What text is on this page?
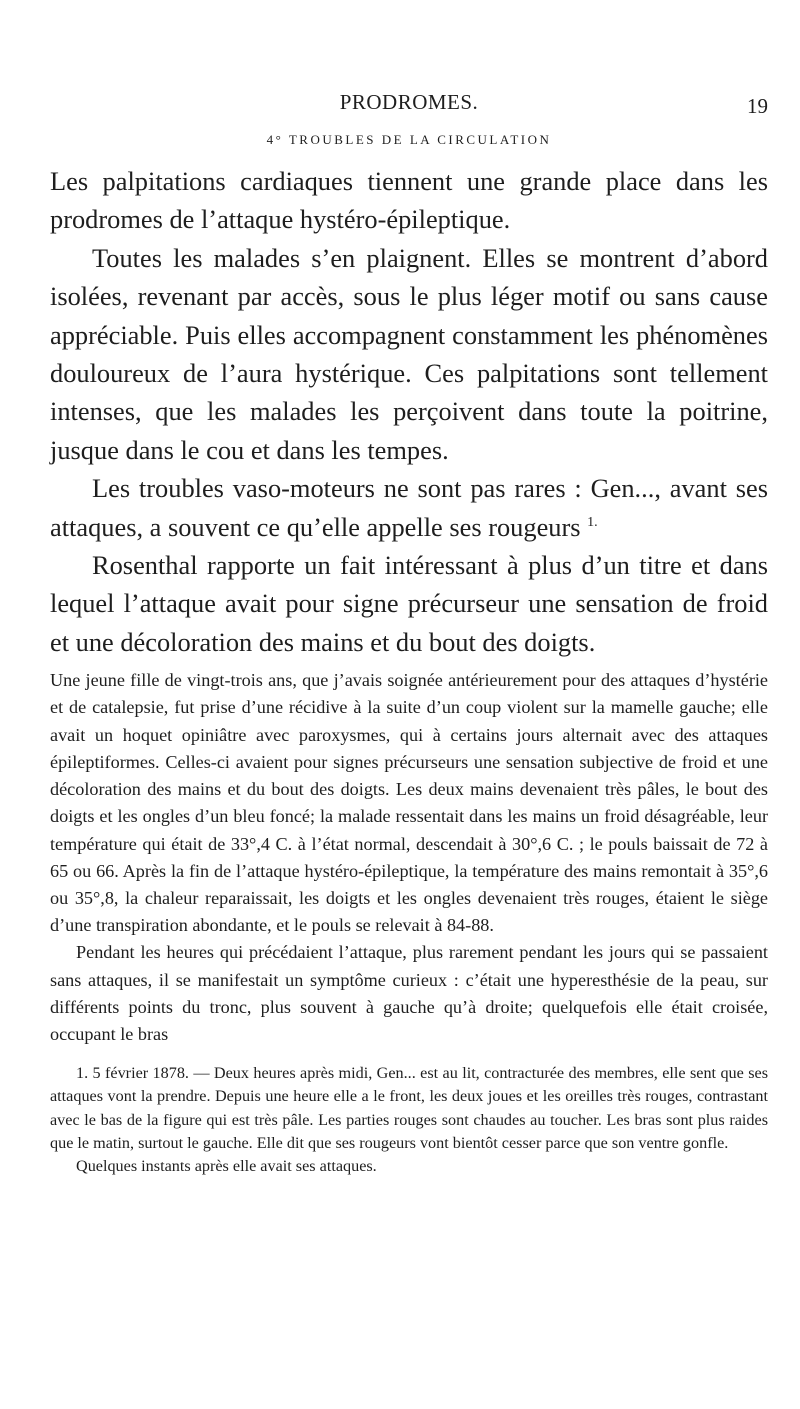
PRODROMES.	19
4° TROUBLES DE LA CIRCULATION

Les palpitations cardiaques tiennent une grande place dans les prodromes de l’attaque hystéro-épileptique.

Toutes les malades s’en plaignent. Elles se montrent d’abord isolées, revenant par accès, sous le plus léger motif ou sans cause appréciable. Puis elles accompagnent constamment les phénomènes douloureux de l’aura hystérique. Ces palpitations sont tellement intenses, que les malades les perçoivent dans toute la poitrine, jusque dans le cou et dans les tempes.

Les troubles vaso-moteurs ne sont pas rares : Gen..., avant ses attaques, a souvent ce qu’elle appelle ses rougeurs $^{1.}$

Rosenthal rapporte un fait intéressant à plus d’un titre et dans lequel l’attaque avait pour signe précurseur une sensation de froid et une décoloration des mains et du bout des doigts.

Une jeune fille de vingt-trois ans, que j’avais soignée antérieurement pour des attaques d’hystérie et de catalepsie, fut prise d’une récidive à la suite d’un coup violent sur la mamelle gauche; elle avait un hoquet opiniâtre avec paroxysmes, qui à certains jours alternait avec des attaques épileptiformes. Celles-ci avaient pour signes précurseurs une sensation subjective de froid et une décoloration des mains et du bout des doigts. Les deux mains devenaient très pâles, le bout des doigts et les ongles d’un bleu foncé; la malade ressentait dans les mains un froid désagréable, leur température qui était de 33°,4 C. à l’état normal, descendait à 30°,6 C. ; le pouls baissait de 72 à 65 ou 66. Après la fin de l’attaque hystéro-épileptique, la température des mains remontait à 35°,6 ou 35°,8, la chaleur reparaissait, les doigts et les ongles devenaient très rouges, étaient le siège d’une transpiration abondante, et le pouls se relevait à 84-88.

Pendant les heures qui précédaient l’attaque, plus rarement pendant les jours qui se passaient sans attaques, il se manifestait un symptôme curieux : c’était une hyperesthésie de la peau, sur différents points du tronc, plus souvent à gauche qu’à droite; quelquefois elle était croisée, occupant le bras

1. 5 février 1878. — Deux heures après midi, Gen... est au lit, contracturée des membres, elle sent que ses attaques vont la prendre. Depuis une heure elle a le front, les deux joues et les oreilles très rouges, contrastant avec le bas de la figure qui est très pâle. Les parties rouges sont chaudes au toucher. Les bras sont plus raides que le matin, surtout le gauche. Elle dit que ses rougeurs vont bientôt cesser parce que son ventre gonfle.

Quelques instants après elle avait ses attaques.
